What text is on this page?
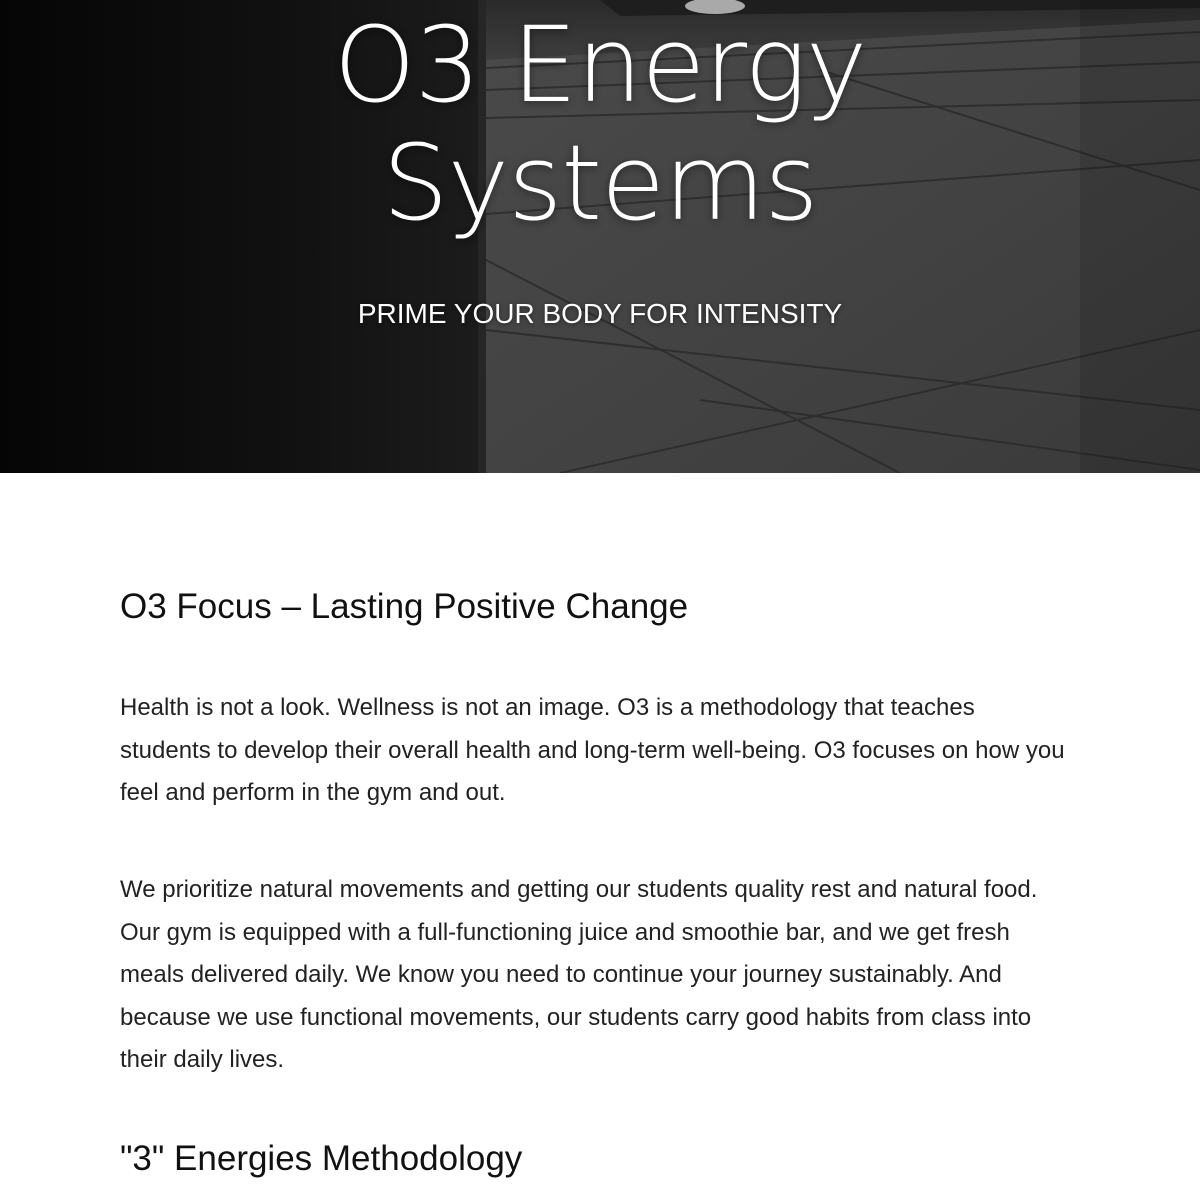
O3 Energy
Systems

PRIME YOUR BODY FOR INTENSITY

O3 Focus – Lasting Positive Change

Health is not a look. Wellness is not an image. O3 is a methodology that teaches students to develop their overall health and long-term well-being. O3 focuses on how you feel and perform in the gym and out.

We prioritize natural movements and getting our students quality rest and natural food. Our gym is equipped with a full-functioning juice and smoothie bar, and we get fresh meals delivered daily. We know you need to continue your journey sustainably. And because we use functional movements, our students carry good habits from class into their daily lives.

"3" Energies Methodology
